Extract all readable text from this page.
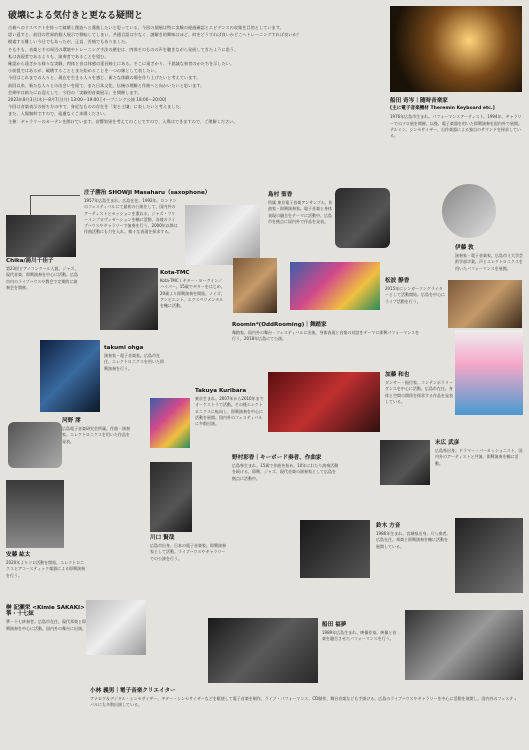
破壊による気付きと更なる疑問と

古典へのリスペクトを持って破壊し創造へと邁進したいと思っている。今回の個展は特に実験の経過確認とエビデンスの収集を目的としています。

思い返すと、前回の世界的個人展示で移転してしまい、共通言語は少なく、謎解き的興味はほど、何をどうすれば良いかどこへトレーニングすれば良いか？

模索する難しい今日でもあったが、正直、苦痛でもありました。

そもそも、音楽とその周辺の環境やトレーニング手法の歴史は、肉体そのものの声を聴きながら発展してきたように思う。

私は表現者であるよりも、演奏者であることを望む。

確認から遠ざかる様々な実験、肉体と音は体感の延長線上にある。そこに遠ざかり、不思議な奏者のかたちを示したい。

小前提ではあるが、破壊することとまた始めることを一つの線として表したい。

今回はこれまでの人々と、現在を生きる人々を感じ、新たな体験の場を作り上げたいと考えています。

前回以来、新たな人々との出会いを経て、また日本文化、伝統の理解と作曲へと向かいたいと思います。

会期中は新たにお迎えして、今回の「実験的音楽展示」を開催します。

2023年8月3日(木)〜8月7日(月) 13:00〜19:00 [オープニング公演 18:00〜20:00]

今回は音楽表示の持ち方の中で、身近なものの存在を「実と土壌」に表したいと考えました。

また、入場無料ですので、遠慮なくご来場ください。

主催：ギャラリーのカーテンを開けています。音響効果を考えてのことですので、入場はできますので、ご理解ください。

船田 奇岑｜随時音楽家
[主に電子音楽機材 Theremin Keyboard etc.]
1976年広島市生まれ。パフォーマンスアーティスト。1994年、ギャラリーでのソロ展を開催。以後、電子楽器を用いた即興演奏を国内外で展開。テルミン、シンセサイザー、自作楽器による独自のサウンドを探求している。
庄子勝治 SHOWJI Masaharu（saxophone）
1957年広島生まれ。広島在住。1992年、ロンドンのフェスティバルにて最初の公演をして、国内外のアーティストとセッションを重ねる。ジャズ・フリーインプロヴィゼーションを軸に活動、各地のライブハウスやギャラリーで演奏を行う。2000年以降は作曲活動にも力を入れ、様々な表現を探求する。
島村 聖香
所属 東京電子音楽アンサンブル。作曲家・即興演奏家。電子音楽と身体表現の融合をテーマに活動中。広島市を拠点に国内外で作品を発表。
伊藤 敦
演奏家・電子音楽家。広島市立大学芸術学部卒業。声とエレクトロニクスを用いたパフォーマンスを展開。
Chika/湯川千佳子
第23回ピアノコンクール入賞。ジャズ、現代音楽、即興演奏を中心に活動。広島市内のライブハウスや教会で定期的に演奏会を開催。
Kota-TMC
Kota-TMC / ギター・ヨーグイン／ハイパー。15歳でギターをはじめ、20歳より即興演奏を開始。ノイズ、アンビエント、エクスペリメンタルを軸に活動。
松波 静香
2015年にシンガーソングライターとして活動開始。広島を中心にライブ活動を行う。
takumi ohga
演奏家・電子音楽家。広島市在住。エレクトロニクスを用いた即興演奏を行う。
Roomin*(OddRooming)｜舞踏家
舞踏家。国内外の舞台・フェスティバルに出演。身体表現と音楽の対話をテーマに即興パフォーマンスを行う。2018年広島にて公演。
Takuya Kuribara
東京生まれ。2007年から2010年までオーケストラで活動。その後エレクトロニクスに転向し、即興演奏を中心に活動を展開。国内外のフェスティバルに多数出演。
加藤 和也
ダンサー・振付家。コンテンポラリーダンスを中心に活動。広島市在住。身体と空間の関係を探求する作品を発表している。
河野 澪
広島電子音楽研究会所属。作曲・演奏家。エレクトロニクスを用いた作品を発表。
野村彩香｜キーボード奏者、作曲家
広島県生まれ。15歳で作曲を始め、10年にわたり演奏活動を続ける。即興、ジャズ、現代音楽の演奏家として広島を拠点に活動中。
末広 武彦
広島県出身。ドラマー・パーカッショニスト。国内外のアーティストと共演。即興演奏を軸に活動。
川口 賢哉
広島市出身。日本の電子音楽家。即興演奏家として活動。ライブハウスやギャラリーでの公演を行う。
安藤 紘太
2020年よりソロ活動を開始。エレクトロニクスとアコースティック楽器による即興演奏を行う。
鈴木 方音
1986年生まれ。宮城県出身。尺八奏者。広島在住。邦楽と即興演奏を軸に活動を展開している。
榊 記瀬栄 <Kimie SAKAKI> 箏・十七絃
箏・十七絃奏者。広島市在住。現代邦楽と即興演奏を中心に活動。国内外の舞台に出演。
船田 福夢
1989年広島生まれ。映像作家。映像と音楽を融合させたパフォーマンスを行う。
小林 義男｜電子音楽クリエイター
アナログ＆デジタル・シンセサイザー、ギター・シンセサイザーなどを駆使して電子音楽を制作。ライブ・パフォーマンス、CD制作、舞台音楽なども手掛ける。広島のライブハウスやギャラリーを中心に活動を展開し、国内外のフェスティバルにも多数出演している。
